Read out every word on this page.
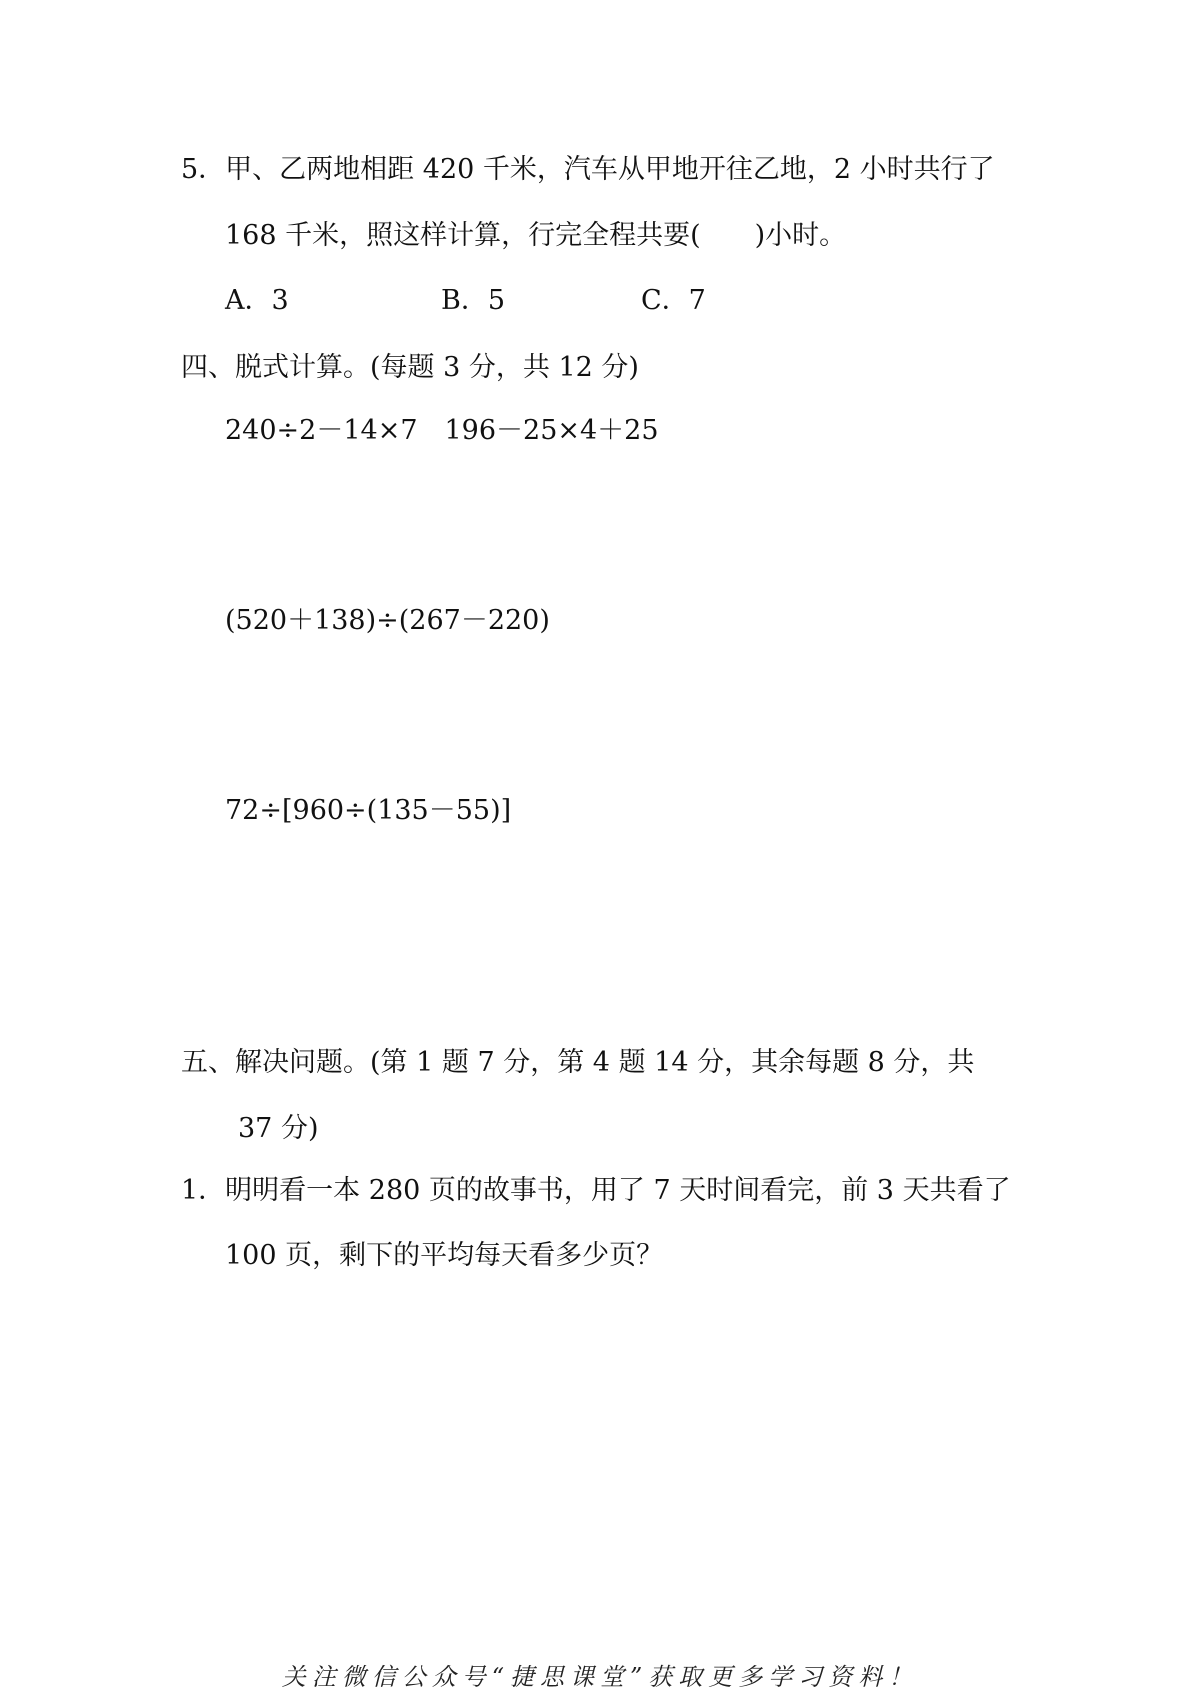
5．甲、乙两地相距 420 千米，汽车从甲地开往乙地，2 小时共行了
168 千米，照这样计算，行完全程共要(　　)小时。
A．3	B．5	C．7
四、脱式计算。(每题 3 分，共 12 分)
240÷2－14×7　196－25×4＋25
(520＋138)÷(267－220)
72÷[960÷(135－55)]
五、解决问题。(第 1 题 7 分，第 4 题 14 分，其余每题 8 分，共
37 分)
1．明明看一本 280 页的故事书，用了 7 天时间看完，前 3 天共看了
100 页，剩下的平均每天看多少页？
关注微信公众号“捷思课堂”获取更多学习资料！
